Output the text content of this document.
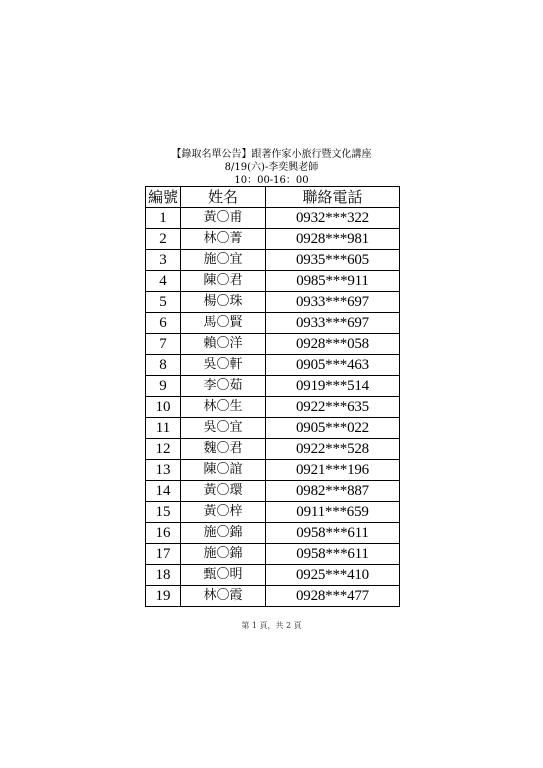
【錄取名單公告】跟著作家小旅行暨文化講座
8/19(六)-李奕興老師
10：00-16：00
編號	姓名	聯絡電話
1	黃〇甫	0932***322
2	林〇菁	0928***981
3	施〇宜	0935***605
4	陳〇君	0985***911
5	楊〇珠	0933***697
6	馬〇賢	0933***697
7	賴〇洋	0928***058
8	吳〇軒	0905***463
9	李〇茹	0919***514
10	林〇生	0922***635
11	吳〇宜	0905***022
12	魏〇君	0922***528
13	陳〇誼	0921***196
14	黃〇環	0982***887
15	黃〇梓	0911***659
16	施〇錦	0958***611
17	施〇錦	0958***611
18	甄〇明	0925***410
19	林〇霞	0928***477
第 1 頁，共 2 頁
